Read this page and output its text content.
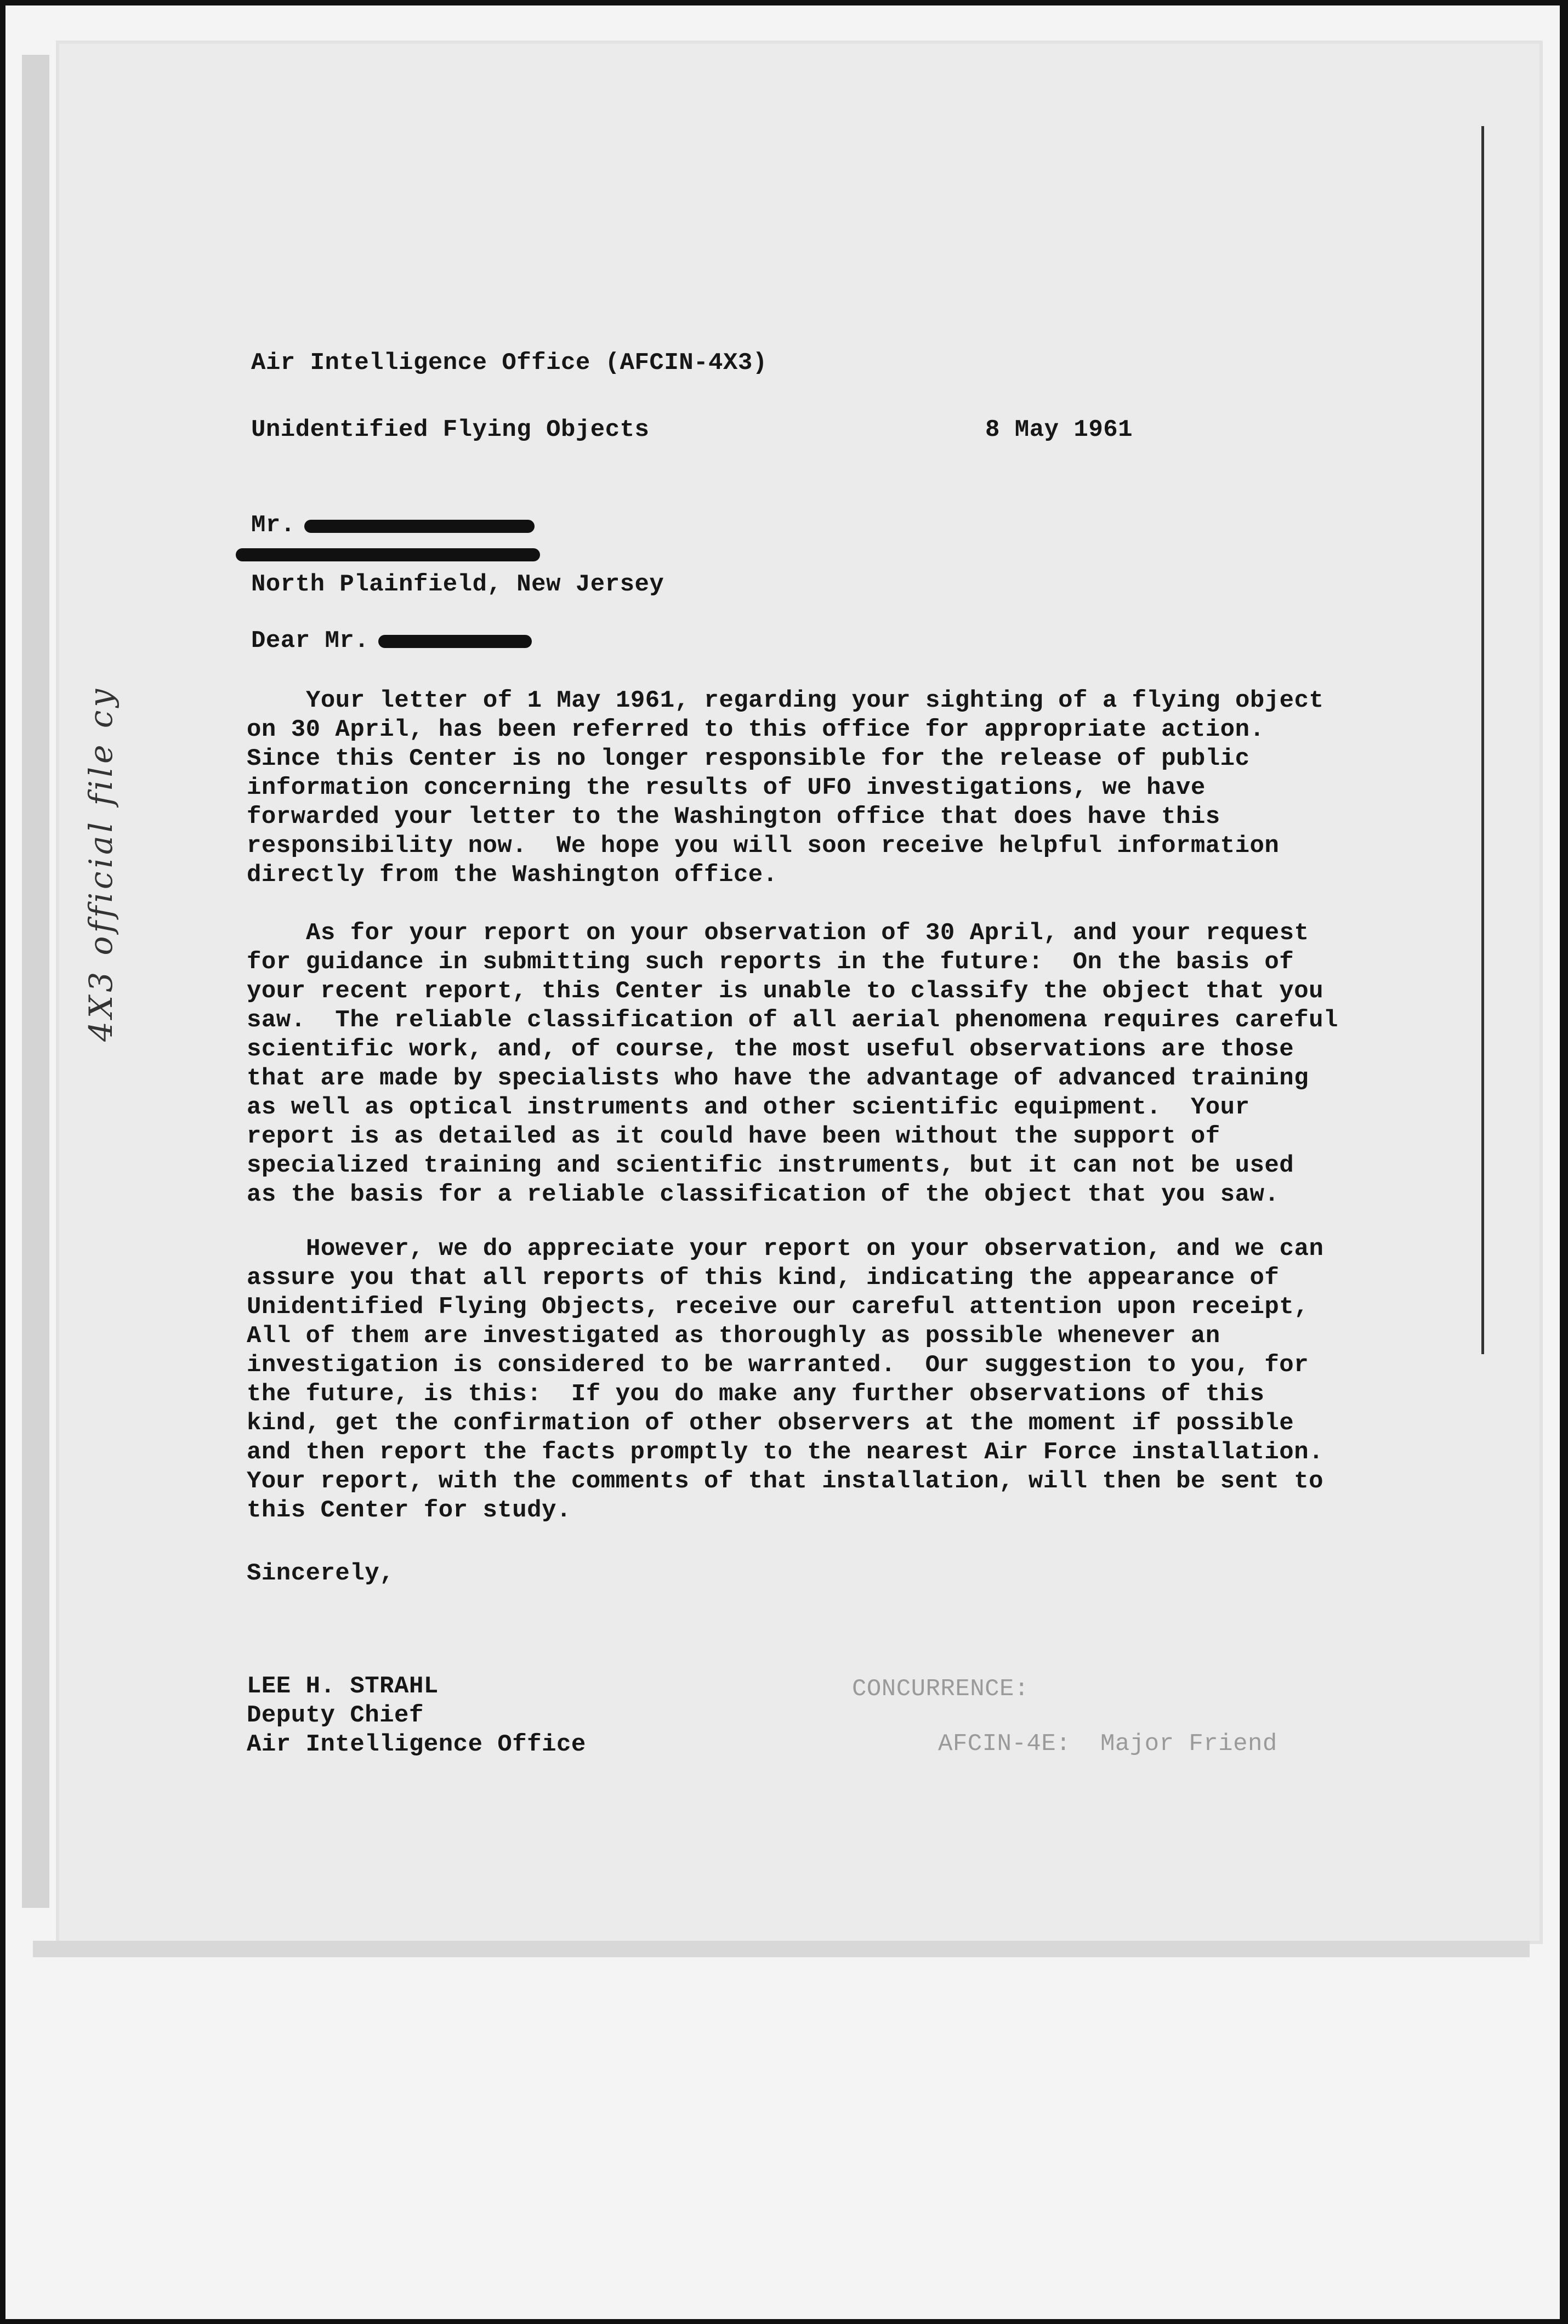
4X3 official file cy
Air Intelligence Office (AFCIN-4X3)
Unidentified Flying Objects	8 May 1961
Mr.
North Plainfield, New Jersey
Dear Mr.
Your letter of 1 May 1961, regarding your sighting of a flying object
on 30 April, has been referred to this office for appropriate action.
Since this Center is no longer responsible for the release of public
information concerning the results of UFO investigations, we have
forwarded your letter to the Washington office that does have this
responsibility now.  We hope you will soon receive helpful information
directly from the Washington office.
As for your report on your observation of 30 April, and your request
for guidance in submitting such reports in the future:  On the basis of
your recent report, this Center is unable to classify the object that you
saw.  The reliable classification of all aerial phenomena requires careful
scientific work, and, of course, the most useful observations are those
that are made by specialists who have the advantage of advanced training
as well as optical instruments and other scientific equipment.  Your
report is as detailed as it could have been without the support of
specialized training and scientific instruments, but it can not be used
as the basis for a reliable classification of the object that you saw.
However, we do appreciate your report on your observation, and we can
assure you that all reports of this kind, indicating the appearance of
Unidentified Flying Objects, receive our careful attention upon receipt,
All of them are investigated as thoroughly as possible whenever an
investigation is considered to be warranted.  Our suggestion to you, for
the future, is this:  If you do make any further observations of this
kind, get the confirmation of other observers at the moment if possible
and then report the facts promptly to the nearest Air Force installation.
Your report, with the comments of that installation, will then be sent to
this Center for study.
Sincerely,
LEE H. STRAHL
Deputy Chief
Air Intelligence Office
CONCURRENCE:
AFCIN-4E:  Major Friend
